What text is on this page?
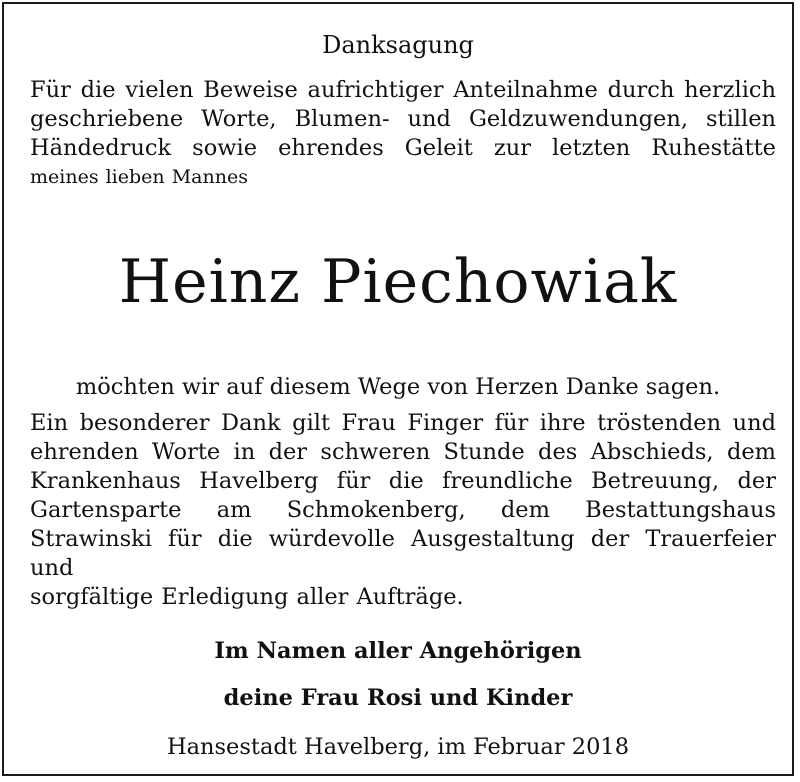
Danksagung
Für die vielen Beweise aufrichtiger Anteilnahme durch herzlich
geschriebene Worte, Blumen- und Geldzuwendungen, stillen
Händedruck sowie ehrendes Geleit zur letzten Ruhestätte
meines lieben Mannes
Heinz Piechowiak
möchten wir auf diesem Wege von Herzen Danke sagen.
Ein besonderer Dank gilt Frau Finger für ihre tröstenden und
ehrenden Worte in der schweren Stunde des Abschieds, dem
Krankenhaus Havelberg für die freundliche Betreuung, der
Gartensparte am Schmokenberg, dem Bestattungshaus
Strawinski für die würdevolle Ausgestaltung der Trauerfeier und
sorgfältige Erledigung aller Aufträge.
Im Namen aller Angehörigen
deine Frau Rosi und Kinder
Hansestadt Havelberg, im Februar 2018
